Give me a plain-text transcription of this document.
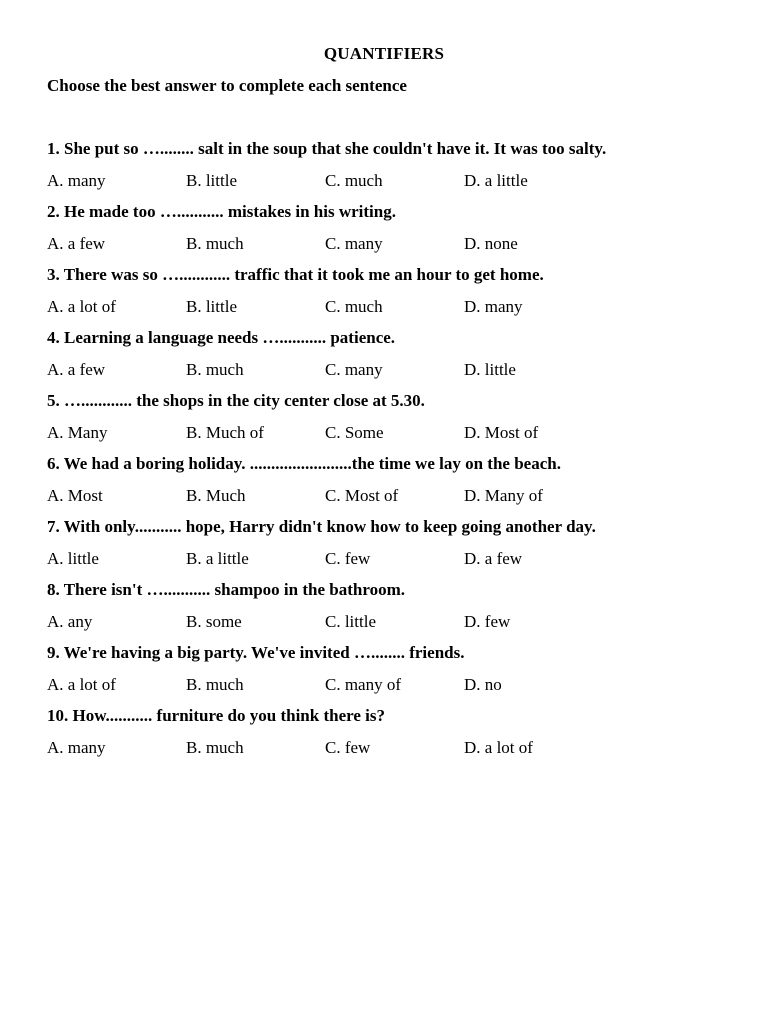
QUANTIFIERS
Choose the best answer to complete each sentence
1. She put so …........ salt in the soup that she couldn't have it. It was too salty.
A. many	B. little	C. much	D. a little
2. He made too …........... mistakes in his writing.
A. a few	B. much	C. many	D. none
3. There was so …............ traffic that it took me an hour to get home.
A. a lot of	B. little	C. much	D. many
4. Learning a language needs …........... patience.
A. a few	B. much	C. many	D. little
5. …............ the shops in the city center close at 5.30.
A. Many	B. Much of	C. Some	D. Most of
6. We had a boring holiday. ........................the time we lay on the beach.
A. Most	B. Much	C. Most of	D. Many of
7. With only........... hope, Harry didn't know how to keep going another day.
A. little	B. a little	C. few	D. a few
8. There isn't …........... shampoo in the bathroom.
A. any	B. some	C. little	D. few
9. We're having a big party. We've invited …........ friends.
A. a lot of	B. much	C. many of	D. no
10. How........... furniture do you think there is?
A. many	B. much	C. few	D. a lot of
